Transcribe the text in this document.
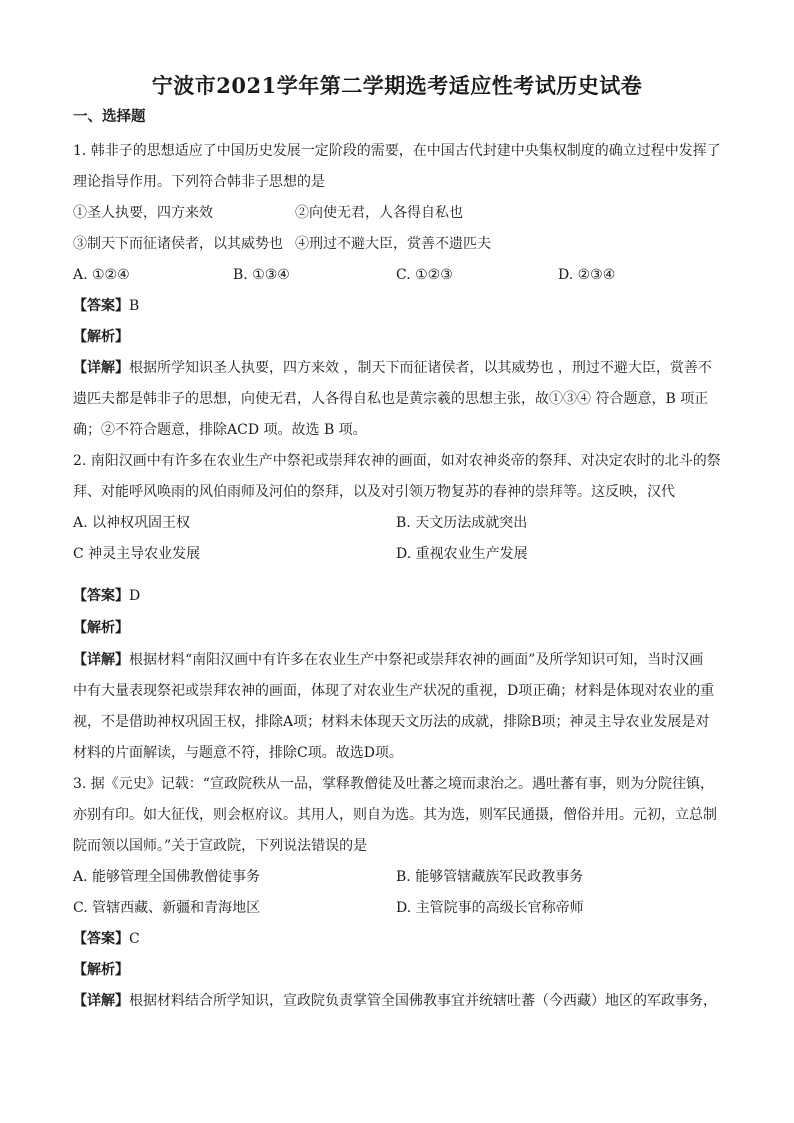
宁波市2021学年第二学期选考适应性考试历史试卷
一、选择题
1. 韩非子的思想适应了中国历史发展一定阶段的需要，在中国古代封建中央集权制度的确立过程中发挥了
理论指导作用。下列符合韩非子思想的是
①圣人执要，四方来效	②向使无君，人各得自私也
③制天下而征诸侯者，以其威势也 ④刑过不避大臣，赏善不遗匹夫
A. ①②④	B. ①③④	C. ①②③	D. ②③④
【答案】B
【解析】
【详解】根据所学知识圣人执要，四方来效 ，制天下而征诸侯者，以其威势也 ，刑过不避大臣，赏善不
遗匹夫都是韩非子的思想，向使无君，人各得自私也是黄宗羲的思想主张，故①③④ 符合题意，B 项正
确；②不符合题意，排除ACD 项。故选 B 项。
2. 南阳汉画中有许多在农业生产中祭祀或崇拜农神的画面，如对农神炎帝的祭拜、对决定农时的北斗的祭
拜、对能呼风唤雨的风伯雨师及河伯的祭拜，以及对引领万物复苏的春神的崇拜等。这反映，汉代
A. 以神权巩固王权	B. 天文历法成就突出
C 神灵主导农业发展	D. 重视农业生产发展
【答案】D
【解析】
【详解】根据材料“南阳汉画中有许多在农业生产中祭祀或崇拜农神的画面”及所学知识可知，当时汉画
中有大量表现祭祀或崇拜农神的画面，体现了对农业生产状况的重视，D项正确；材料是体现对农业的重
视，不是借助神权巩固王权，排除A项；材料未体现天文历法的成就，排除B项；神灵主导农业发展是对
材料的片面解读，与题意不符，排除C项。故选D项。
3. 据《元史》记载：“宣政院秩从一品，掌释教僧徒及吐蕃之境而隶治之。遇吐蕃有事，则为分院往镇，
亦别有印。如大征伐，则会枢府议。其用人，则自为选。其为选，则军民通摄，僧俗并用。元初，立总制
院而领以国师。”关于宣政院，下列说法错误的是
A. 能够管理全国佛教僧徒事务	B. 能够管辖藏族军民政教事务
C. 管辖西藏、新疆和青海地区	D. 主管院事的高级长官称帝师
【答案】C
【解析】
【详解】根据材料结合所学知识，宣政院负责掌管全国佛教事宜并统辖吐蕃（今西藏）地区的军政事务，
